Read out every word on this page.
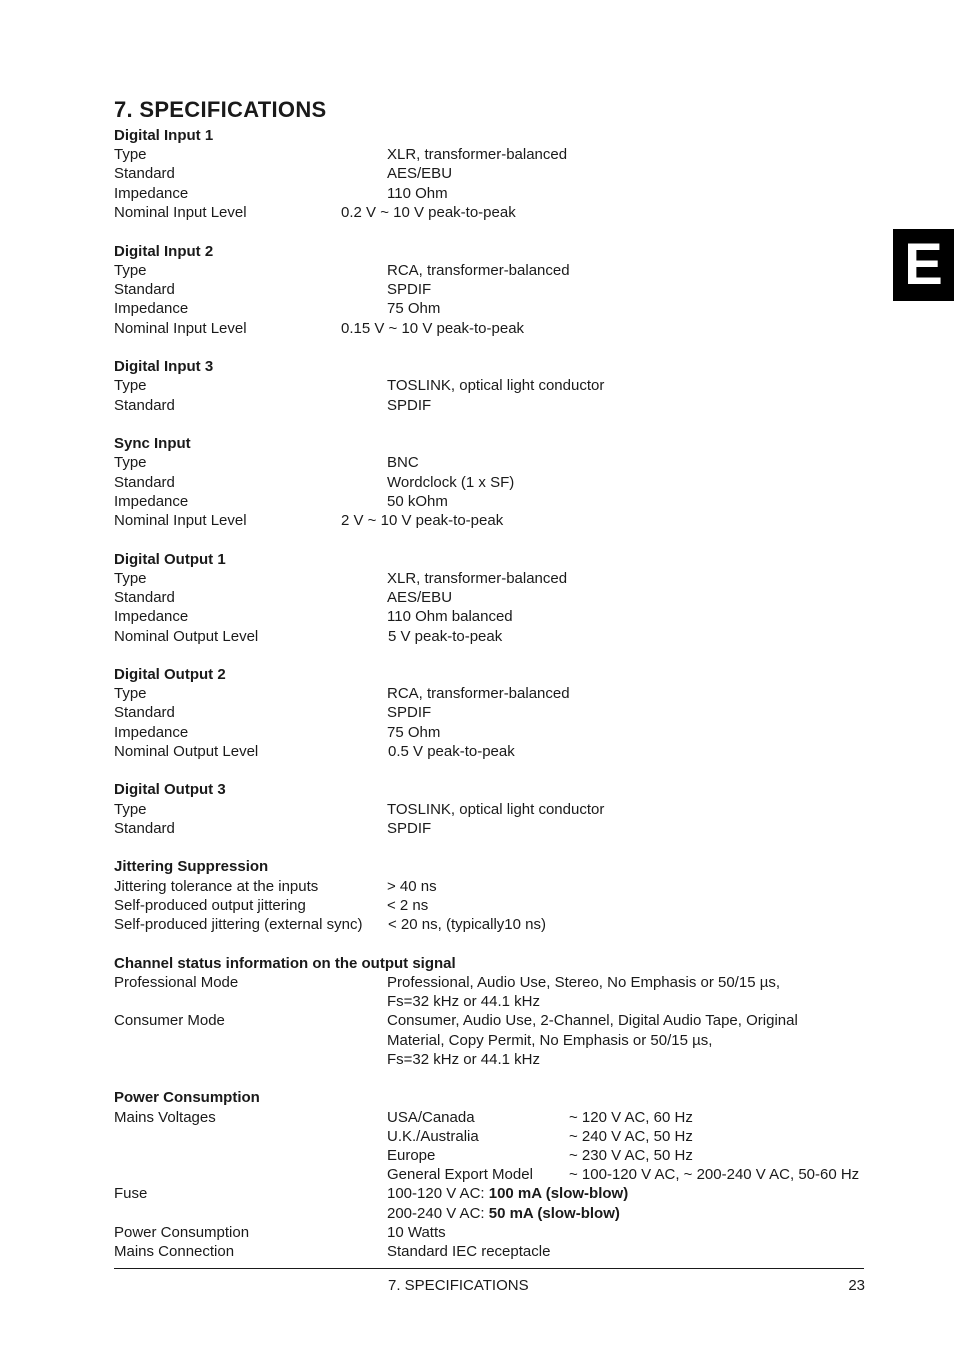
7. SPECIFICATIONS
E
Digital Input 1
Type	XLR, transformer-balanced
Standard	AES/EBU
Impedance	110 Ohm
Nominal Input Level	0.2 V ~ 10 V peak-to-peak
Digital Input 2
Type	RCA, transformer-balanced
Standard	SPDIF
Impedance	75 Ohm
Nominal Input Level	0.15 V ~ 10 V peak-to-peak
Digital Input 3
Type	TOSLINK, optical light conductor
Standard	SPDIF
Sync Input
Type	BNC
Standard	Wordclock (1 x SF)
Impedance	50 kOhm
Nominal Input Level	2 V ~ 10 V peak-to-peak
Digital Output 1
Type	XLR, transformer-balanced
Standard	AES/EBU
Impedance	110 Ohm balanced
Nominal Output Level	5 V peak-to-peak
Digital Output 2
Type	RCA, transformer-balanced
Standard	SPDIF
Impedance	75 Ohm
Nominal Output Level	0.5 V peak-to-peak
Digital Output 3
Type	TOSLINK, optical light conductor
Standard	SPDIF
Jittering Suppression
Jittering tolerance at the inputs	> 40 ns
Self-produced output jittering	< 2 ns
Self-produced jittering (external sync) < 20 ns, (typically10 ns)
Channel status information on the output signal
Professional Mode	Professional, Audio Use, Stereo, No Emphasis or 50/15 µs,
Fs=32 kHz or 44.1 kHz
Consumer Mode	Consumer, Audio Use, 2-Channel, Digital Audio Tape, Original
Material, Copy Permit, No Emphasis or 50/15 µs,
Fs=32 kHz or 44.1 kHz
Power Consumption
Mains Voltages	USA/Canada	~ 120 V AC, 60 Hz
U.K./Australia	~ 240 V AC, 50 Hz
Europe	~ 230 V AC, 50 Hz
General Export Model ~ 100-120 V AC, ~ 200-240 V AC, 50-60 Hz
Fuse	100-120 V AC: 100 mA (slow-blow)
200-240 V AC: 50 mA (slow-blow)
Power Consumption	10 Watts
Mains Connection	Standard IEC receptacle
7. SPECIFICATIONS	23
